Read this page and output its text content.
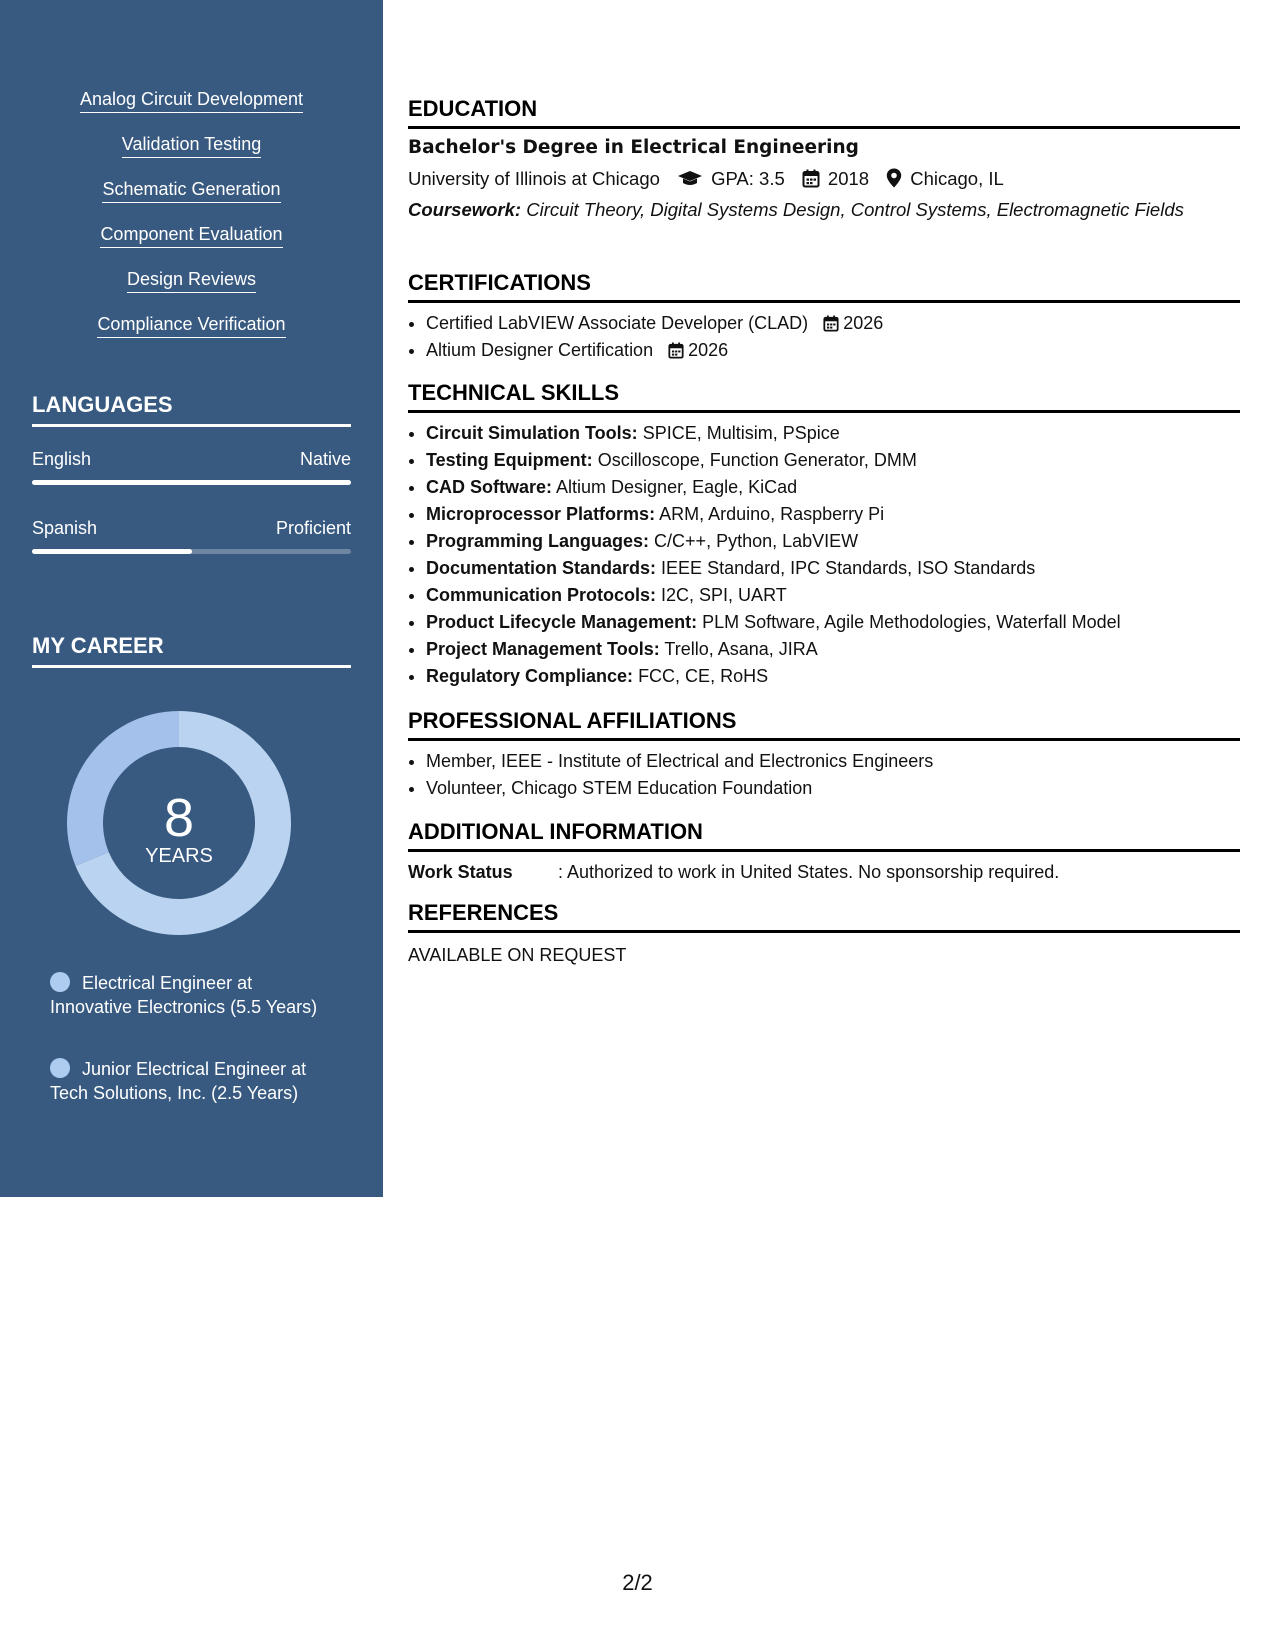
Analog Circuit Development
Validation Testing
Schematic Generation
Component Evaluation
Design Reviews
Compliance Verification
LANGUAGES
English	Native
Spanish	Proficient
MY CAREER
8
YEARS
Electrical Engineer at Innovative Electronics (5.5 Years)
Junior Electrical Engineer at Tech Solutions, Inc. (2.5 Years)
EDUCATION
Bachelor's Degree in Electrical Engineering
University of Illinois at Chicago	GPA: 3.5 2018 Chicago, IL
Coursework: Circuit Theory, Digital Systems Design, Control Systems, Electromagnetic Fields
CERTIFICATIONS
• Certified LabVIEW Associate Developer (CLAD) 2026
• Altium Designer Certification 2026
TECHNICAL SKILLS
• Circuit Simulation Tools: SPICE, Multisim, PSpice
• Testing Equipment: Oscilloscope, Function Generator, DMM
• CAD Software: Altium Designer, Eagle, KiCad
• Microprocessor Platforms: ARM, Arduino, Raspberry Pi
• Programming Languages: C/C++, Python, LabVIEW
• Documentation Standards: IEEE Standard, IPC Standards, ISO Standards
• Communication Protocols: I2C, SPI, UART
• Product Lifecycle Management: PLM Software, Agile Methodologies, Waterfall Model
• Project Management Tools: Trello, Asana, JIRA
• Regulatory Compliance: FCC, CE, RoHS
PROFESSIONAL AFFILIATIONS
• Member, IEEE - Institute of Electrical and Electronics Engineers
• Volunteer, Chicago STEM Education Foundation
ADDITIONAL INFORMATION
Work Status	: Authorized to work in United States. No sponsorship required.
REFERENCES
AVAILABLE ON REQUEST
2/2
